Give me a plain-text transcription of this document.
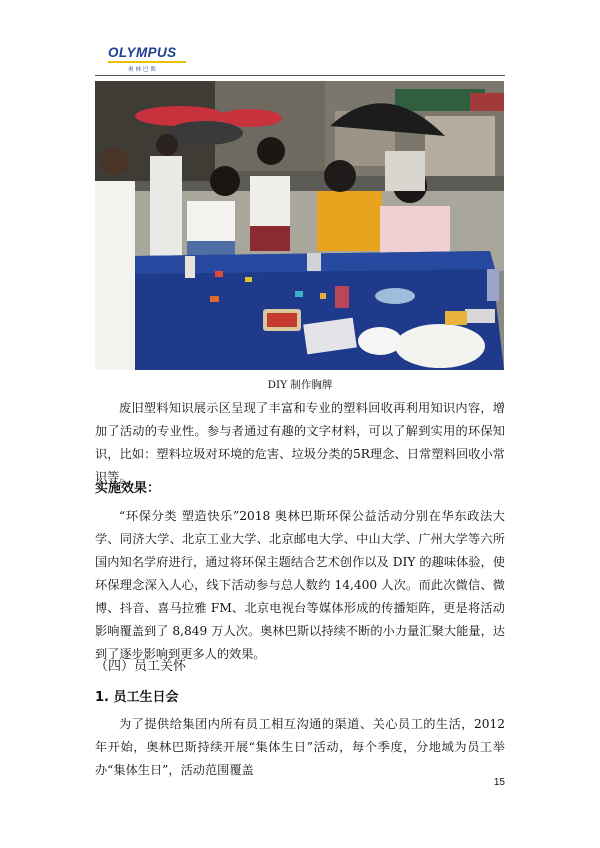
OLYMPUS
奥林巴斯
DIY 制作胸牌

废旧塑料知识展示区呈现了丰富和专业的塑料回收再利用知识内容，增加了活动的专业性。参与者通过有趣的文字材料，可以了解到实用的环保知识，比如：塑料垃圾对环境的危害、垃圾分类的5R理念、日常塑料回收小常识等。

实施效果：

“环保分类 塑造快乐”2018 奥林巴斯环保公益活动分别在华东政法大学、同济大学、北京工业大学、北京邮电大学、中山大学、广州大学等六所国内知名学府进行，通过将环保主题结合艺术创作以及 DIY 的趣味体验，使环保理念深入人心，线下活动参与总人数约 14,400 人次。而此次微信、微博、抖音、喜马拉雅 FM、北京电视台等媒体形成的传播矩阵，更是将活动影响覆盖到了 8,849 万人次。奥林巴斯以持续不断的小力量汇聚大能量，达到了逐步影响到更多人的效果。

（四）员工关怀
1. 员工生日会

为了提供给集团内所有员工相互沟通的渠道、关心员工的生活，2012 年开始，奥林巴斯持续开展“集体生日”活动，每个季度，分地域为员工举办“集体生日”，活动范围覆盖

15
